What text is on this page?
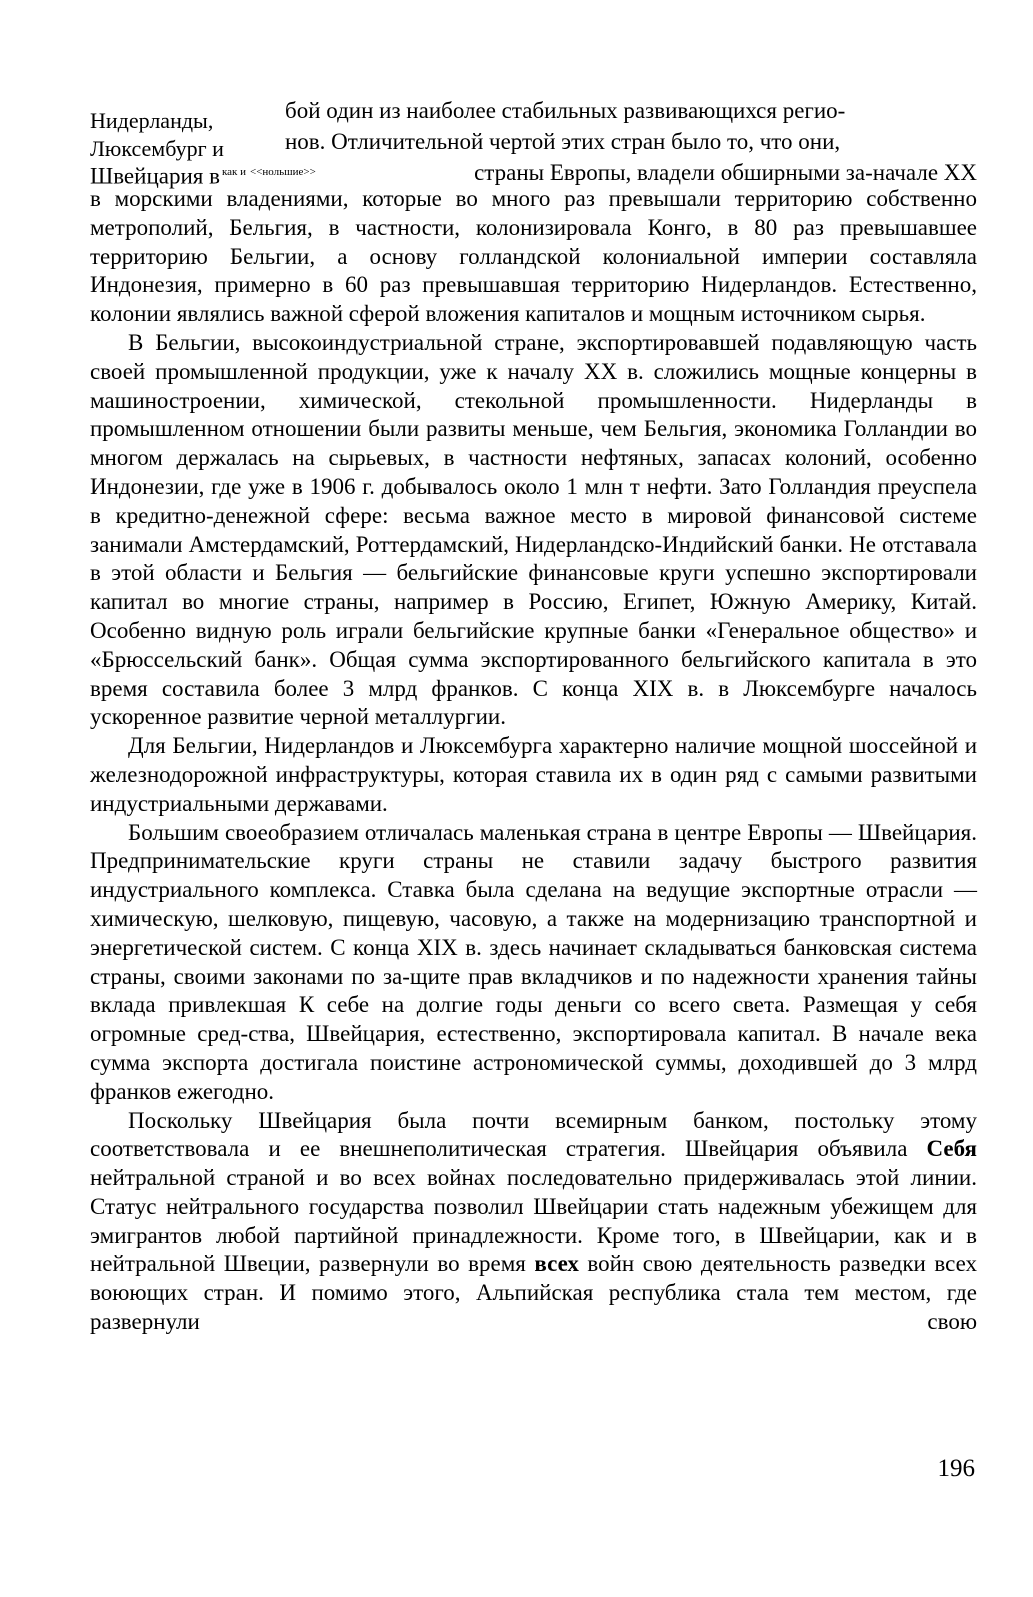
Нидерланды,
Люксембург и
бой один из наиболее стабильных развивающихся регио-
нов. Отличительной чертой этих стран было то, что они,
Швейцария в $^{как и}$ $^{<<нольшие>>}$	страны Европы, владели обширными за-начале XX

в морскими владениями, которые во много раз превышали территорию собственно метрополий, Бельгия, в частности, колонизировала Конго, в 80 раз превышавшее территорию Бельгии, а основу голландской колониальной империи составляла Индонезия, примерно в 60 раз превышавшая территорию Нидерландов. Естественно, колонии являлись важной сферой вложения капиталов и мощным источником сырья.

В Бельгии, высокоиндустриальной стране, экспортировавшей подавляющую часть своей промышленной продукции, уже к началу XX в. сложились мощные концерны в машиностроении, химической, стекольной промышленности. Нидерланды в промышленном отношении были развиты меньше, чем Бельгия, экономика Голландии во многом держалась на сырьевых, в частности нефтяных, запасах колоний, особенно Индонезии, где уже в 1906 г. добывалось около 1 млн т нефти. Зато Голландия преуспела в кредитно-денежной сфере: весьма важное место в мировой финансовой системе занимали Амстердамский, Роттердамский, Нидерландско-Индийский банки. Не отставала в этой области и Бельгия — бельгийские финансовые круги успешно экспортировали капитал во многие страны, например в Россию, Египет, Южную Америку, Китай. Особенно видную роль играли бельгийские крупные банки «Генеральное общество» и «Брюссельский банк». Общая сумма экспортированного бельгийского капитала в это время составила более 3 млрд франков. С конца XIX в. в Люксембурге началось ускоренное развитие черной металлургии.

Для Бельгии, Нидерландов и Люксембурга характерно наличие мощной шоссейной и железнодорожной инфраструктуры, которая ставила их в один ряд с самыми развитыми индустриальными державами.

Большим своеобразием отличалась маленькая страна в центре Европы — Швейцария. Предпринимательские круги страны не ставили задачу быстрого развития индустриального комплекса. Ставка была сделана на ведущие экспортные отрасли — химическую, шелковую, пищевую, часовую, а также на модернизацию транспортной и энергетической систем. С конца XIX в. здесь начинает складываться банковская система страны, своими законами по за-щите прав вкладчиков и по надежности хранения тайны вклада привлекшая К себе на долгие годы деньги со всего света. Размещая у себя огромные сред-ства, Швейцария, естественно, экспортировала капитал. В начале века сумма экспорта достигала поистине астрономической суммы, доходившей до 3 млрд франков ежегодно.

Поскольку Швейцария была почти всемирным банком, постольку этому соответствовала и ее внешнеполитическая стратегия. Швейцария объявила Себя нейтральной страной и во всех войнах последовательно придерживалась этой линии. Статус нейтрального государства позволил Швейцарии стать надежным убежищем для эмигрантов любой партийной принадлежности. Кроме того, в Швейцарии, как и в нейтральной Швеции, развернули во время всех войн свою деятельность разведки всех воюющих стран. И помимо этого, Альпийская республика стала тем местом, где развернули свою

196
